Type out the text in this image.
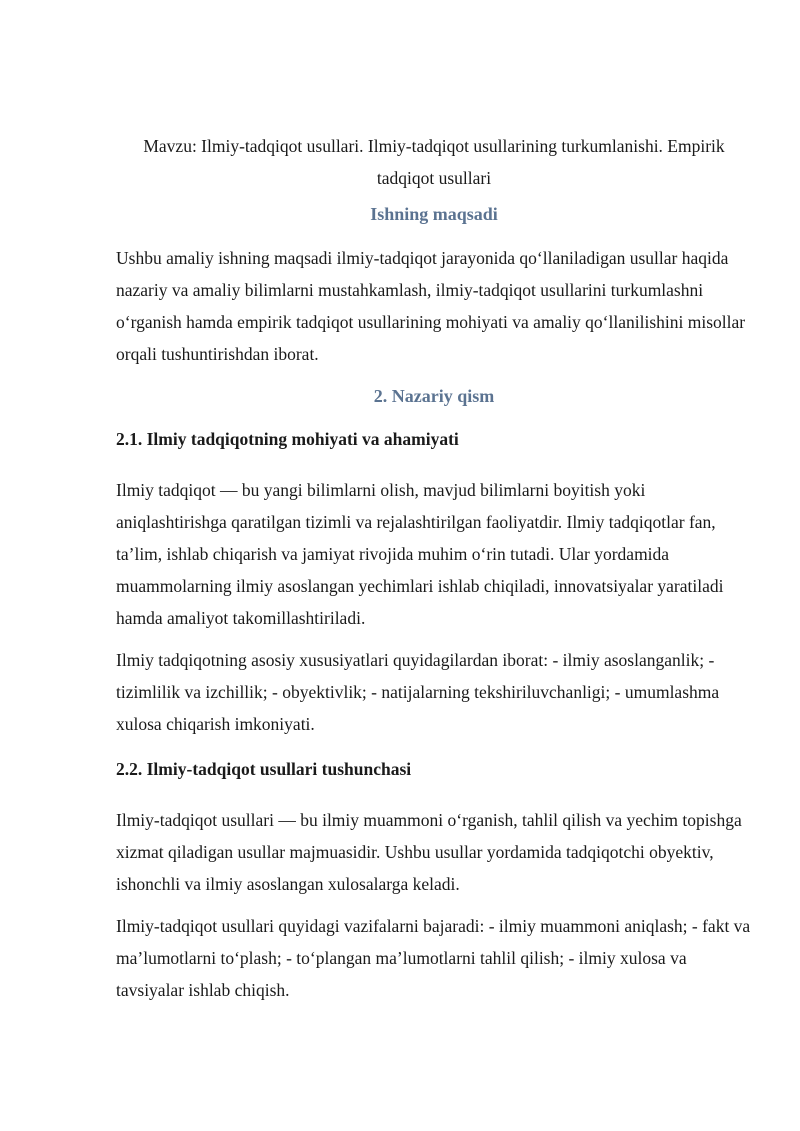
Mavzu: Ilmiy-tadqiqot usullari. Ilmiy-tadqiqot usullarining turkumlanishi. Empirik tadqiqot usullari
Ishning maqsadi

Ushbu amaliy ishning maqsadi ilmiy-tadqiqot jarayonida qo‘llaniladigan usullar haqida nazariy va amaliy bilimlarni mustahkamlash, ilmiy-tadqiqot usullarini turkumlashni o‘rganish hamda empirik tadqiqot usullarining mohiyati va amaliy qo‘llanilishini misollar orqali tushuntirishdan iborat.

2. Nazariy qism
2.1. Ilmiy tadqiqotning mohiyati va ahamiyati

Ilmiy tadqiqot — bu yangi bilimlarni olish, mavjud bilimlarni boyitish yoki aniqlashtirishga qaratilgan tizimli va rejalashtirilgan faoliyatdir. Ilmiy tadqiqotlar fan, ta’lim, ishlab chiqarish va jamiyat rivojida muhim o‘rin tutadi. Ular yordamida muammolarning ilmiy asoslangan yechimlari ishlab chiqiladi, innovatsiyalar yaratiladi hamda amaliyot takomillashtiriladi.

Ilmiy tadqiqotning asosiy xususiyatlari quyidagilardan iborat: - ilmiy asoslanganlik; - tizimlilik va izchillik; - obyektivlik; - natijalarning tekshiriluvchanligi; - umumlashma xulosa chiqarish imkoniyati.

2.2. Ilmiy-tadqiqot usullari tushunchasi

Ilmiy-tadqiqot usullari — bu ilmiy muammoni o‘rganish, tahlil qilish va yechim topishga xizmat qiladigan usullar majmuasidir. Ushbu usullar yordamida tadqiqotchi obyektiv, ishonchli va ilmiy asoslangan xulosalarga keladi.

Ilmiy-tadqiqot usullari quyidagi vazifalarni bajaradi: - ilmiy muammoni aniqlash; - fakt va ma’lumotlarni to‘plash; - to‘plangan ma’lumotlarni tahlil qilish; - ilmiy xulosa va tavsiyalar ishlab chiqish.
